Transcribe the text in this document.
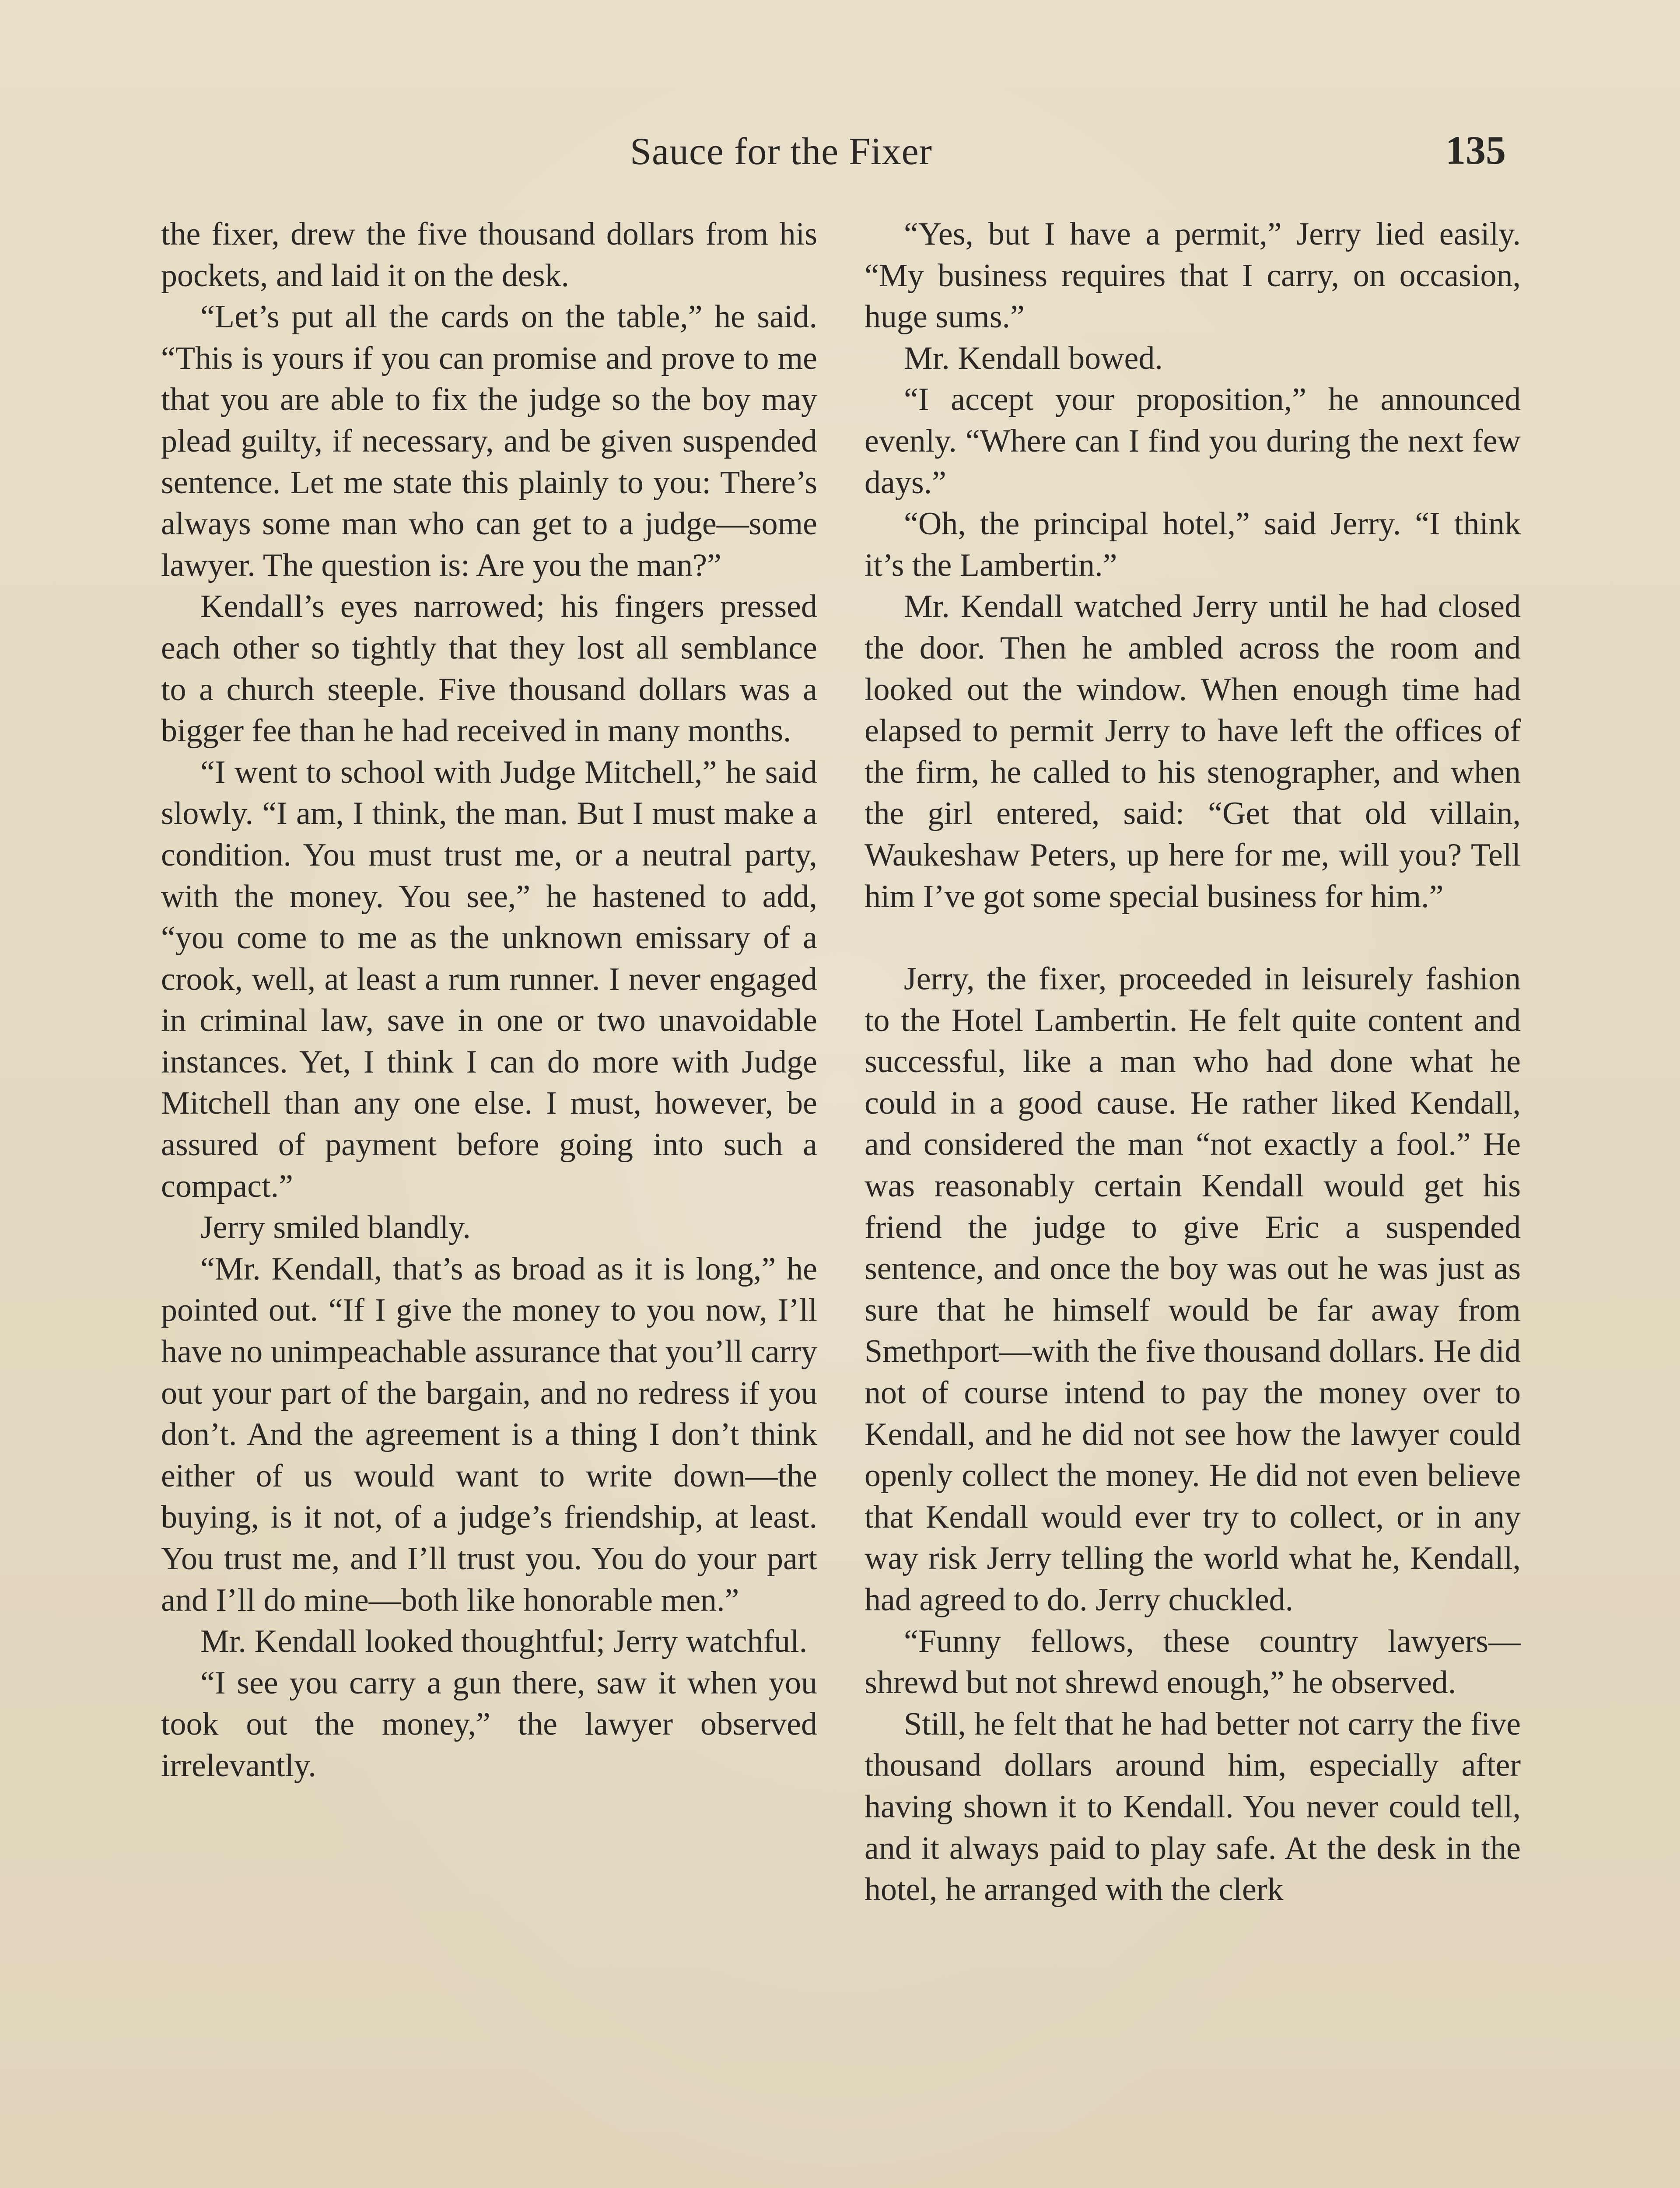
Sauce for the Fixer	135

the fixer, drew the five thousand dollars from his pockets, and laid it on the desk.

“Let’s put all the cards on the table,” he said. “This is yours if you can promise and prove to me that you are able to fix the judge so the boy may plead guilty, if necessary, and be given suspended sentence. Let me state this plainly to you: There’s always some man who can get to a judge—some lawyer. The question is: Are you the man?”

Kendall’s eyes narrowed; his fingers pressed each other so tightly that they lost all semblance to a church steeple. Five thousand dollars was a bigger fee than he had received in many months.

“I went to school with Judge Mitchell,” he said slowly. “I am, I think, the man. But I must make a condition. You must trust me, or a neutral party, with the money. You see,” he hastened to add, “you come to me as the unknown emissary of a crook, well, at least a rum runner. I never engaged in criminal law, save in one or two unavoidable instances. Yet, I think I can do more with Judge Mitchell than any one else. I must, however, be assured of payment before going into such a compact.”

Jerry smiled blandly.

“Mr. Kendall, that’s as broad as it is long,” he pointed out. “If I give the money to you now, I’ll have no unimpeachable assurance that you’ll carry out your part of the bargain, and no redress if you don’t. And the agreement is a thing I don’t think either of us would want to write down—the buying, is it not, of a judge’s friendship, at least. You trust me, and I’ll trust you. You do your part and I’ll do mine—both like honorable men.”

Mr. Kendall looked thoughtful; Jerry watchful.

“I see you carry a gun there, saw it when you took out the money,” the lawyer observed irrelevantly.

“Yes, but I have a permit,” Jerry lied easily. “My business requires that I carry, on occasion, huge sums.”

Mr. Kendall bowed.

“I accept your proposition,” he announced evenly. “Where can I find you during the next few days.”

“Oh, the principal hotel,” said Jerry. “I think it’s the Lambertin.”

Mr. Kendall watched Jerry until he had closed the door. Then he ambled across the room and looked out the window. When enough time had elapsed to permit Jerry to have left the offices of the firm, he called to his stenographer, and when the girl entered, said: “Get that old villain, Waukeshaw Peters, up here for me, will you? Tell him I’ve got some special business for him.”

Jerry, the fixer, proceeded in leisurely fashion to the Hotel Lambertin. He felt quite content and successful, like a man who had done what he could in a good cause. He rather liked Kendall, and considered the man “not exactly a fool.” He was reasonably certain Kendall would get his friend the judge to give Eric a suspended sentence, and once the boy was out he was just as sure that he himself would be far away from Smethport—with the five thousand dollars. He did not of course intend to pay the money over to Kendall, and he did not see how the lawyer could openly collect the money. He did not even believe that Kendall would ever try to collect, or in any way risk Jerry telling the world what he, Kendall, had agreed to do. Jerry chuckled.

“Funny fellows, these country lawyers—shrewd but not shrewd enough,” he observed.

Still, he felt that he had better not carry the five thousand dollars around him, especially after having shown it to Kendall. You never could tell, and it always paid to play safe. At the desk in the hotel, he arranged with the clerk
